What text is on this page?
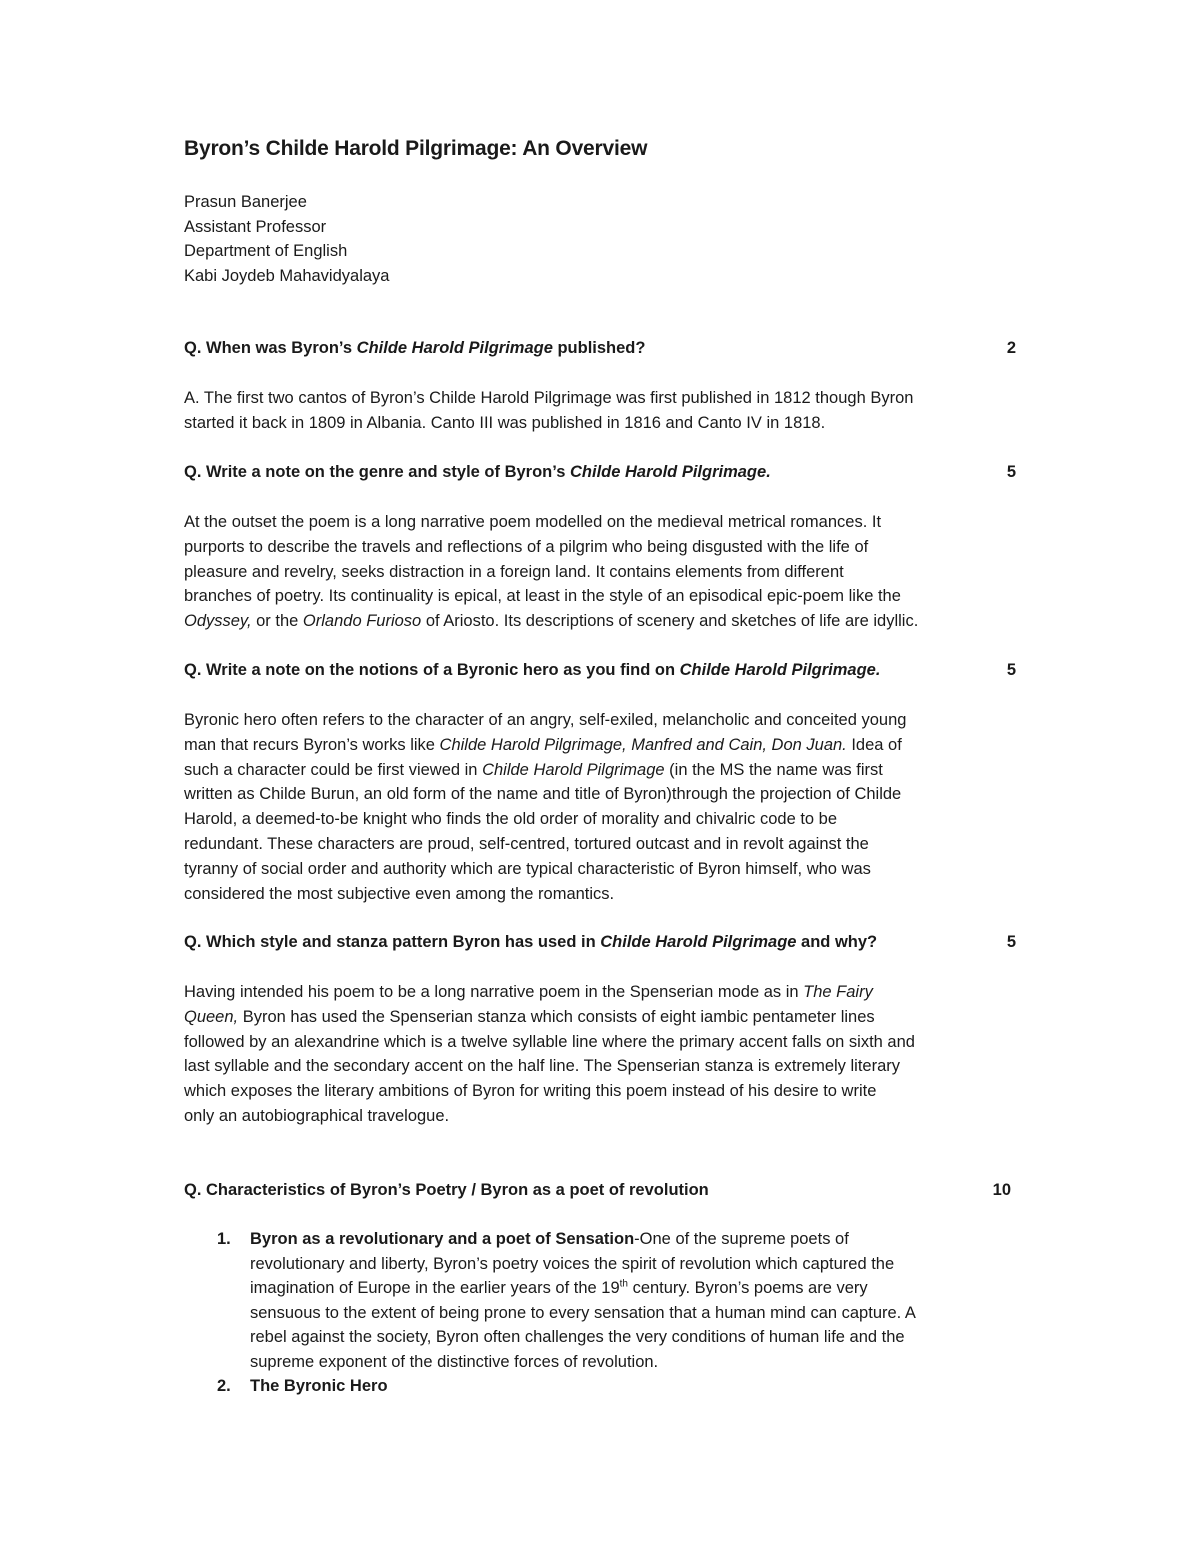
Byron’s Childe Harold Pilgrimage: An Overview
Prasun Banerjee
Assistant Professor
Department of English
Kabi Joydeb Mahavidyalaya
Q. When was Byron’s Childe Harold Pilgrimage published?	2
A. The first two cantos of Byron’s Childe Harold Pilgrimage was first published in 1812 though Byron
started it back in 1809 in Albania. Canto III was published in 1816 and Canto IV in 1818.
Q. Write a note on the genre and style of Byron’s Childe Harold Pilgrimage.	5
At the outset the poem is a long narrative poem modelled on the medieval metrical romances. It
purports to describe the travels and reflections of a pilgrim who being disgusted with the life of
pleasure and revelry, seeks distraction in a foreign land. It contains elements from different
branches of poetry. Its continuality is epical, at least in the style of an episodical epic-poem like the
Odyssey, or the Orlando Furioso of Ariosto. Its descriptions of scenery and sketches of life are idyllic.
Q. Write a note on the notions of a Byronic hero as you find on Childe Harold Pilgrimage.	5
Byronic hero often refers to the character of an angry, self-exiled, melancholic and conceited young
man that recurs Byron’s works like Childe Harold Pilgrimage, Manfred and Cain, Don Juan. Idea of
such a character could be first viewed in Childe Harold Pilgrimage (in the MS the name was first
written as Childe Burun, an old form of the name and title of Byron)through the projection of Childe
Harold, a deemed-to-be knight who finds the old order of morality and chivalric code to be
redundant. These characters are proud, self-centred, tortured outcast and in revolt against the
tyranny of social order and authority which are typical characteristic of Byron himself, who was
considered the most subjective even among the romantics.
Q. Which style and stanza pattern Byron has used in Childe Harold Pilgrimage and why?	5
Having intended his poem to be a long narrative poem in the Spenserian mode as in The Fairy
Queen, Byron has used the Spenserian stanza which consists of eight iambic pentameter lines
followed by an alexandrine which is a twelve syllable line where the primary accent falls on sixth and
last syllable and the secondary accent on the half line. The Spenserian stanza is extremely literary
which exposes the literary ambitions of Byron for writing this poem instead of his desire to write
only an autobiographical travelogue.
Q. Characteristics of Byron’s Poetry / Byron as a poet of revolution	10
1. Byron as a revolutionary and a poet of Sensation-One of the supreme poets of
revolutionary and liberty, Byron’s poetry voices the spirit of revolution which captured the
imagination of Europe in the earlier years of the 19th century. Byron’s poems are very
sensuous to the extent of being prone to every sensation that a human mind can capture. A
rebel against the society, Byron often challenges the very conditions of human life and the
supreme exponent of the distinctive forces of revolution.
2. The Byronic Hero
